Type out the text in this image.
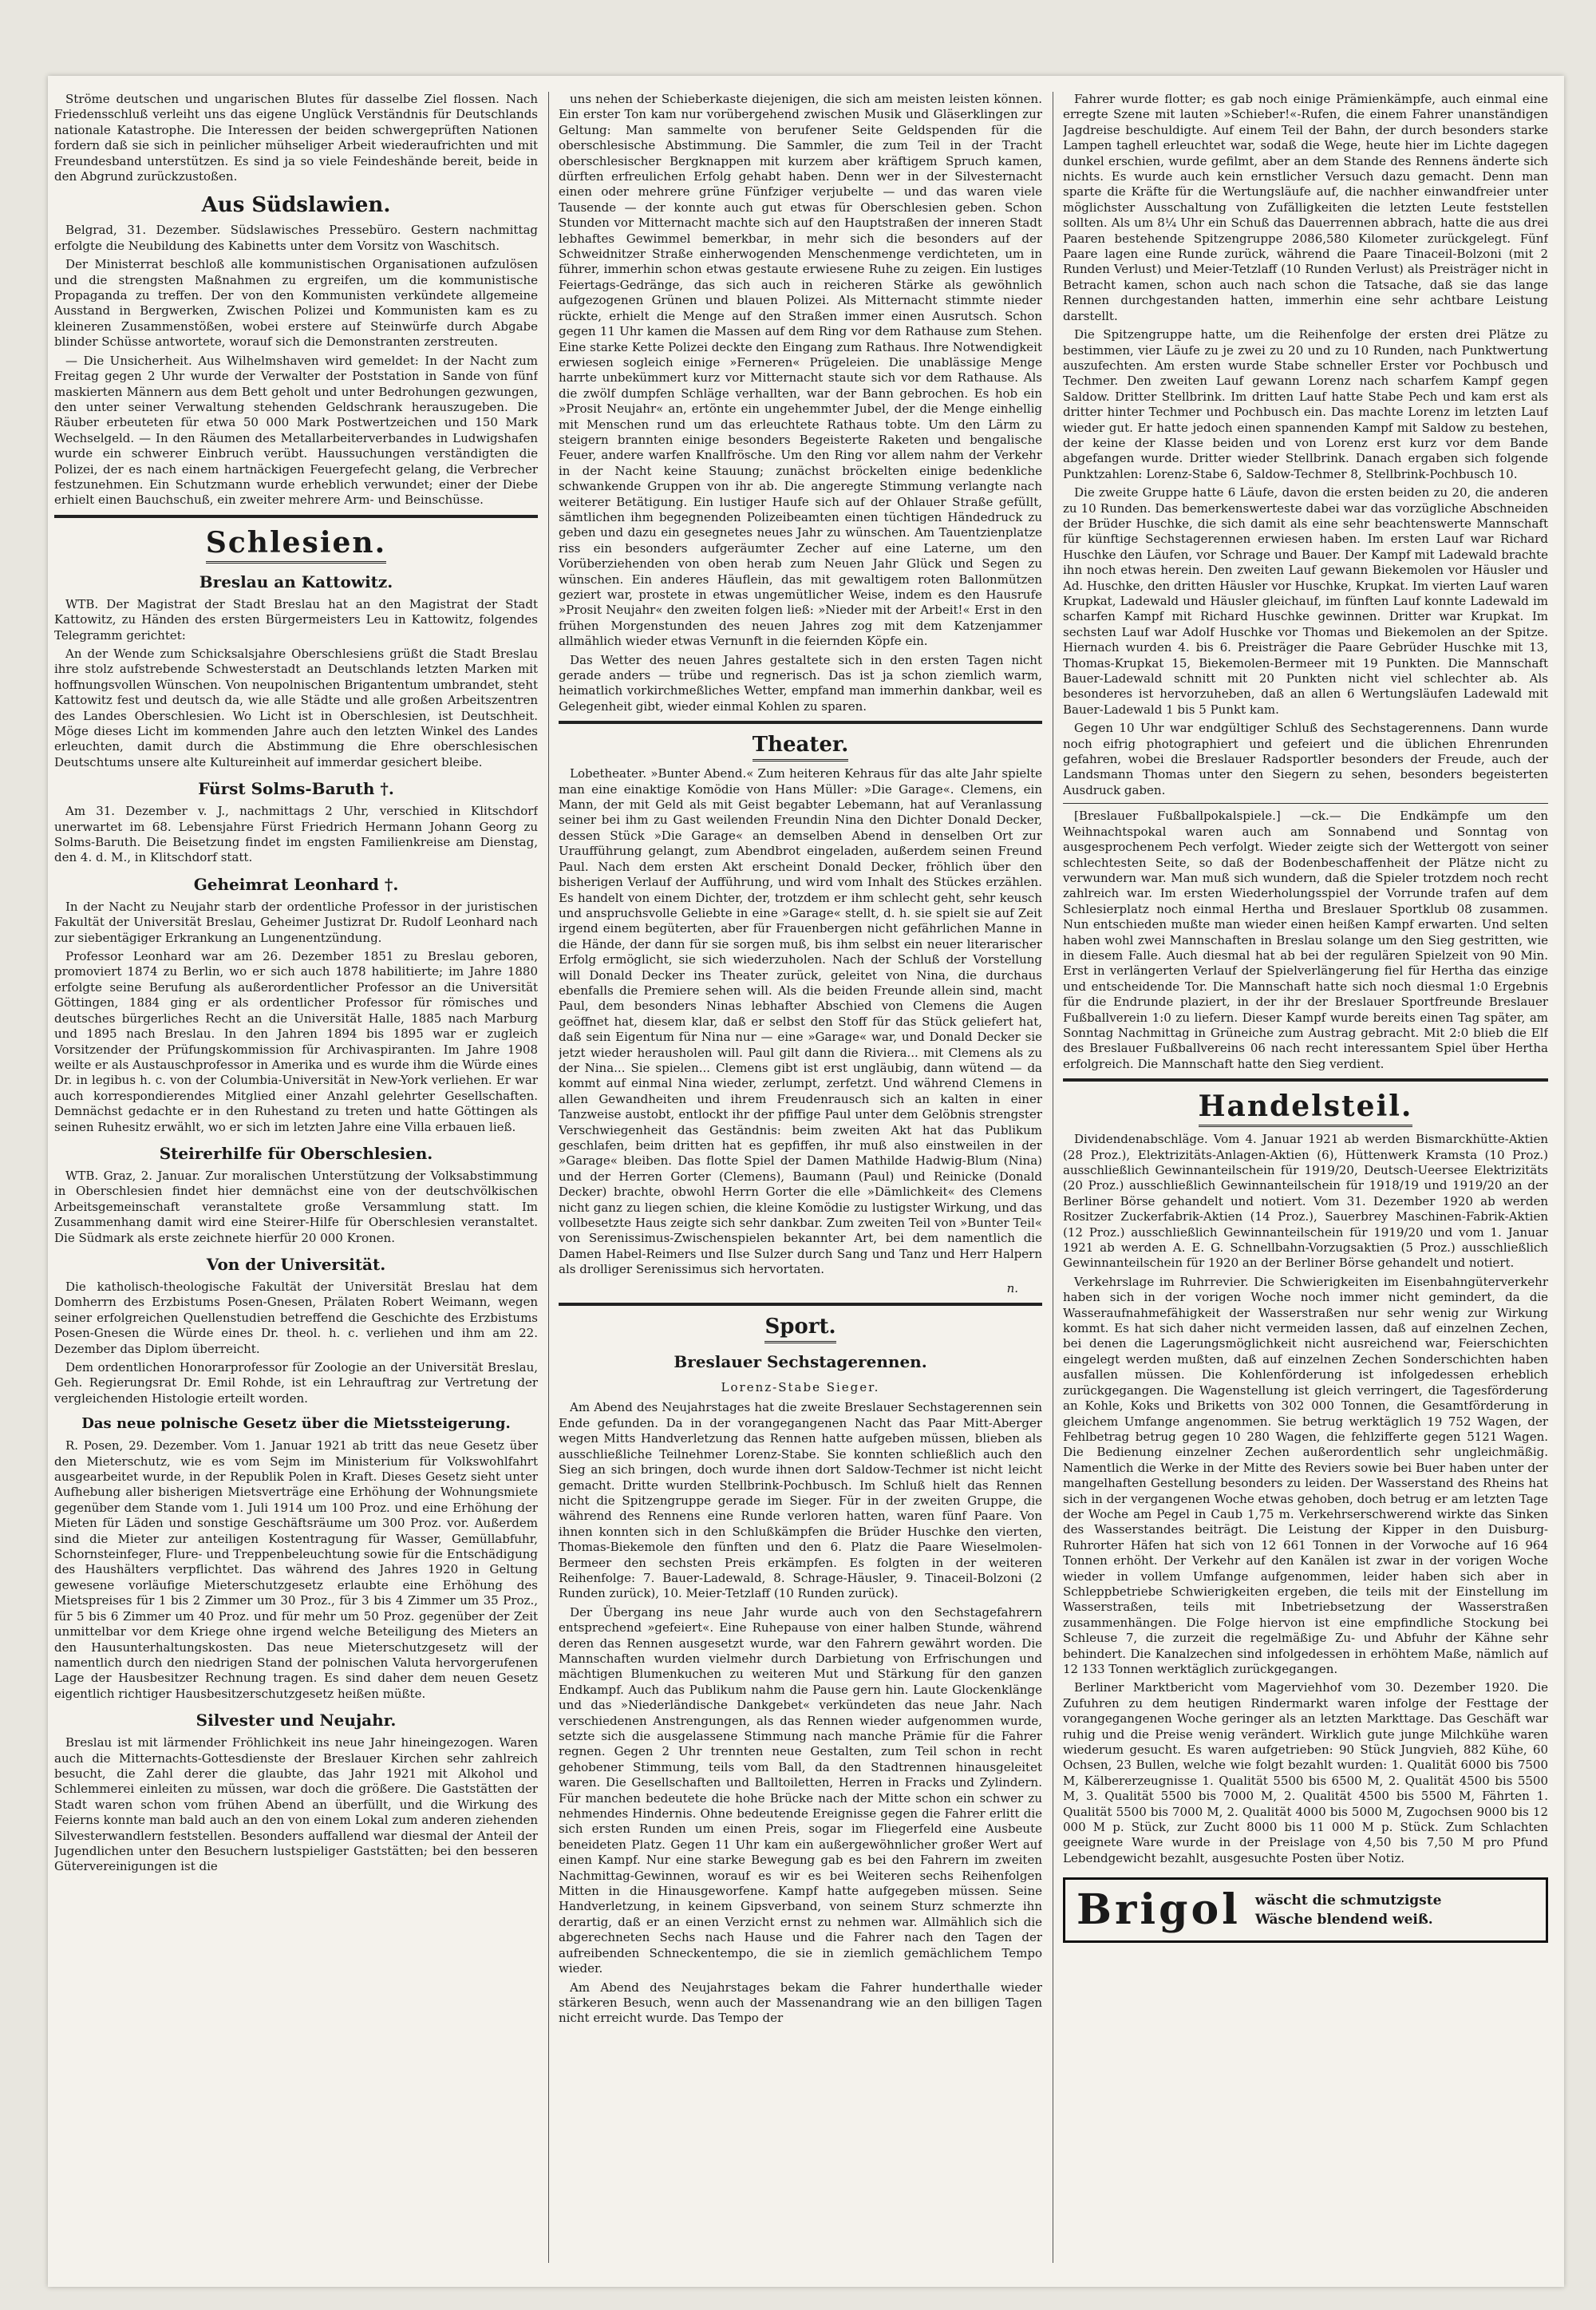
Ströme deutschen und ungarischen Blutes für dasselbe Ziel flossen. Nach Friedensschluß verleiht uns das eigene Unglück Verständnis für Deutschlands nationale Katastrophe. Die Interessen der beiden schwergeprüften Nationen fordern daß sie sich in peinlicher mühseliger Arbeit wiederaufrichten und mit Freundesband unterstützen. Es sind ja so viele Feindeshände bereit, beide in den Abgrund zurückzustoßen.

Aus Südslawien.

Belgrad, 31. Dezember. Südslawisches Pressebüro. Gestern nachmittag erfolgte die Neubildung des Kabinetts unter dem Vorsitz von Waschitsch.

Der Ministerrat beschloß alle kommunistischen Organisationen aufzulösen und die strengsten Maßnahmen zu ergreifen, um die kommunistische Propaganda zu treffen. Der von den Kommunisten verkündete allgemeine Ausstand in Bergwerken, Zwischen Polizei und Kommunisten kam es zu kleineren Zusammenstößen, wobei erstere auf Steinwürfe durch Abgabe blinder Schüsse antwortete, worauf sich die Demonstranten zerstreuten.

— Die Unsicherheit. Aus Wilhelmshaven wird gemeldet: In der Nacht zum Freitag gegen 2 Uhr wurde der Verwalter der Poststation in Sande von fünf maskierten Männern aus dem Bett geholt und unter Bedrohungen gezwungen, den unter seiner Verwaltung stehenden Geldschrank herauszugeben. Die Räuber erbeuteten für etwa 50 000 Mark Postwertzeichen und 150 Mark Wechselgeld. — In den Räumen des Metallarbeiterverbandes in Ludwigshafen wurde ein schwerer Einbruch verübt. Haussuchungen verständigten die Polizei, der es nach einem hartnäckigen Feuergefecht gelang, die Verbrecher festzunehmen. Ein Schutzmann wurde erheblich verwundet; einer der Diebe erhielt einen Bauchschuß, ein zweiter mehrere Arm- und Beinschüsse.

Schlesien.
Breslau an Kattowitz.

WTB. Der Magistrat der Stadt Breslau hat an den Magistrat der Stadt Kattowitz, zu Händen des ersten Bürgermeisters Leu in Kattowitz, folgendes Telegramm gerichtet:

An der Wende zum Schicksalsjahre Oberschlesiens grüßt die Stadt Breslau ihre stolz aufstrebende Schwesterstadt an Deutschlands letzten Marken mit hoffnungsvollen Wünschen. Von neupolnischen Brigantentum umbrandet, steht Kattowitz fest und deutsch da, wie alle Städte und alle großen Arbeitszentren des Landes Oberschlesien. Wo Licht ist in Oberschlesien, ist Deutschheit. Möge dieses Licht im kommenden Jahre auch den letzten Winkel des Landes erleuchten, damit durch die Abstimmung die Ehre oberschlesischen Deutschtums unsere alte Kultureinheit auf immerdar gesichert bleibe.

Fürst Solms-Baruth †.

Am 31. Dezember v. J., nachmittags 2 Uhr, verschied in Klitschdorf unerwartet im 68. Lebensjahre Fürst Friedrich Hermann Johann Georg zu Solms-Baruth. Die Beisetzung findet im engsten Familienkreise am Dienstag, den 4. d. M., in Klitschdorf statt.

Geheimrat Leonhard †.

In der Nacht zu Neujahr starb der ordentliche Professor in der juristischen Fakultät der Universität Breslau, Geheimer Justizrat Dr. Rudolf Leonhard nach zur siebentägiger Erkrankung an Lungenentzündung.

Professor Leonhard war am 26. Dezember 1851 zu Breslau geboren, promoviert 1874 zu Berlin, wo er sich auch 1878 habilitierte; im Jahre 1880 erfolgte seine Berufung als außerordentlicher Professor an die Universität Göttingen, 1884 ging er als ordentlicher Professor für römisches und deutsches bürgerliches Recht an die Universität Halle, 1885 nach Marburg und 1895 nach Breslau. In den Jahren 1894 bis 1895 war er zugleich Vorsitzender der Prüfungskommission für Archivaspiranten. Im Jahre 1908 weilte er als Austauschprofessor in Amerika und es wurde ihm die Würde eines Dr. in legibus h. c. von der Columbia-Universität in New-York verliehen. Er war auch korrespondierendes Mitglied einer Anzahl gelehrter Gesellschaften. Demnächst gedachte er in den Ruhestand zu treten und hatte Göttingen als seinen Ruhesitz erwählt, wo er sich im letzten Jahre eine Villa erbauen ließ.

Steirerhilfe für Oberschlesien.

WTB. Graz, 2. Januar. Zur moralischen Unterstützung der Volksabstimmung in Oberschlesien findet hier demnächst eine von der deutschvölkischen Arbeitsgemeinschaft veranstaltete große Versammlung statt. Im Zusammenhang damit wird eine Steirer-Hilfe für Oberschlesien veranstaltet. Die Südmark als erste zeichnete hierfür 20 000 Kronen.

Von der Universität.

Die katholisch-theologische Fakultät der Universität Breslau hat dem Domherrn des Erzbistums Posen-Gnesen, Prälaten Robert Weimann, wegen seiner erfolgreichen Quellenstudien betreffend die Geschichte des Erzbistums Posen-Gnesen die Würde eines Dr. theol. h. c. verliehen und ihm am 22. Dezember das Diplom überreicht.

Dem ordentlichen Honorarprofessor für Zoologie an der Universität Breslau, Geh. Regierungsrat Dr. Emil Rohde, ist ein Lehrauftrag zur Vertretung der vergleichenden Histologie erteilt worden.

Das neue polnische Gesetz über die Mietssteigerung.

R. Posen, 29. Dezember. Vom 1. Januar 1921 ab tritt das neue Gesetz über den Mieterschutz, wie es vom Sejm im Ministerium für Volkswohlfahrt ausgearbeitet wurde, in der Republik Polen in Kraft. Dieses Gesetz sieht unter Aufhebung aller bisherigen Mietsverträge eine Erhöhung der Wohnungsmiete gegenüber dem Stande vom 1. Juli 1914 um 100 Proz. und eine Erhöhung der Mieten für Läden und sonstige Geschäftsräume um 300 Proz. vor. Außerdem sind die Mieter zur anteiligen Kostentragung für Wasser, Gemüllabfuhr, Schornsteinfeger, Flure- und Treppenbeleuchtung sowie für die Entschädigung des Haushälters verpflichtet. Das während des Jahres 1920 in Geltung gewesene vorläufige Mieterschutzgesetz erlaubte eine Erhöhung des Mietspreises für 1 bis 2 Zimmer um 30 Proz., für 3 bis 4 Zimmer um 35 Proz., für 5 bis 6 Zimmer um 40 Proz. und für mehr um 50 Proz. gegenüber der Zeit unmittelbar vor dem Kriege ohne irgend welche Beteiligung des Mieters an den Hausunterhaltungskosten. Das neue Mieterschutzgesetz will der namentlich durch den niedrigen Stand der polnischen Valuta hervorgerufenen Lage der Hausbesitzer Rechnung tragen. Es sind daher dem neuen Gesetz eigentlich richtiger Hausbesitzerschutzgesetz heißen müßte.

Silvester und Neujahr.

Breslau ist mit lärmender Fröhlichkeit ins neue Jahr hineingezogen. Waren auch die Mitternachts-Gottesdienste der Breslauer Kirchen sehr zahlreich besucht, die Zahl derer die glaubte, das Jahr 1921 mit Alkohol und Schlemmerei einleiten zu müssen, war doch die größere. Die Gaststätten der Stadt waren schon vom frühen Abend an überfüllt, und die Wirkung des Feierns konnte man bald auch an den von einem Lokal zum anderen ziehenden Silvesterwandlern feststellen. Besonders auffallend war diesmal der Anteil der Jugendlichen unter den Besuchern lustspieliger Gaststätten; bei den besseren Gütervereinigungen ist die

uns nehen der Schieberkaste diejenigen, die sich am meisten leisten können. Ein erster Ton kam nur vorübergehend zwischen Musik und Gläserklingen zur Geltung: Man sammelte von berufener Seite Geldspenden für die oberschlesische Abstimmung. Die Sammler, die zum Teil in der Tracht oberschlesischer Bergknappen mit kurzem aber kräftigem Spruch kamen, dürften erfreulichen Erfolg gehabt haben. Denn wer in der Silvesternacht einen oder mehrere grüne Fünfziger verjubelte — und das waren viele Tausende — der konnte auch gut etwas für Oberschlesien geben. Schon Stunden vor Mitternacht machte sich auf den Hauptstraßen der inneren Stadt lebhaftes Gewimmel bemerkbar, in mehr sich die besonders auf der Schweidnitzer Straße einherwogenden Menschenmenge verdichteten, um in führer, immerhin schon etwas gestaute erwiesene Ruhe zu zeigen. Ein lustiges Feiertags-Gedränge, das sich auch in reicheren Stärke als gewöhnlich aufgezogenen Grünen und blauen Polizei. Als Mitternacht stimmte nieder rückte, erhielt die Menge auf den Straßen immer einen Ausrutsch. Schon gegen 11 Uhr kamen die Massen auf dem Ring vor dem Rathause zum Stehen. Eine starke Kette Polizei deckte den Eingang zum Rathaus. Ihre Notwendigkeit erwiesen sogleich einige »Ferneren« Prügeleien. Die unablässige Menge harrte unbekümmert kurz vor Mitternacht staute sich vor dem Rathause. Als die zwölf dumpfen Schläge verhallten, war der Bann gebrochen. Es hob ein »Prosit Neujahr« an, ertönte ein ungehemmter Jubel, der die Menge einhellig mit Menschen rund um das erleuchtete Rathaus tobte. Um den Lärm zu steigern brannten einige besonders Begeisterte Raketen und bengalische Feuer, andere warfen Knallfrösche. Um den Ring vor allem nahm der Verkehr in der Nacht keine Stauung; zunächst bröckelten einige bedenkliche schwankende Gruppen von ihr ab. Die angeregte Stimmung verlangte nach weiterer Betätigung. Ein lustiger Haufe sich auf der Ohlauer Straße gefüllt, sämtlichen ihm begegnenden Polizeibeamten einen tüchtigen Händedruck zu geben und dazu ein gesegnetes neues Jahr zu wünschen. Am Tauentzienplatze riss ein besonders aufgeräumter Zecher auf eine Laterne, um den Vorüberziehenden von oben herab zum Neuen Jahr Glück und Segen zu wünschen. Ein anderes Häuflein, das mit gewaltigem roten Ballonmützen geziert war, prostete in etwas ungemütlicher Weise, indem es den Hausrufe »Prosit Neujahr« den zweiten folgen ließ: »Nieder mit der Arbeit!« Erst in den frühen Morgenstunden des neuen Jahres zog mit dem Katzenjammer allmählich wieder etwas Vernunft in die feiernden Köpfe ein.

Das Wetter des neuen Jahres gestaltete sich in den ersten Tagen nicht gerade anders — trübe und regnerisch. Das ist ja schon ziemlich warm, heimatlich vorkirchmeßliches Wetter, empfand man immerhin dankbar, weil es Gelegenheit gibt, wieder einmal Kohlen zu sparen.

Theater.

Lobetheater. »Bunter Abend.« Zum heiteren Kehraus für das alte Jahr spielte man eine einaktige Komödie von Hans Müller: »Die Garage«. Clemens, ein Mann, der mit Geld als mit Geist begabter Lebemann, hat auf Veranlassung seiner bei ihm zu Gast weilenden Freundin Nina den Dichter Donald Decker, dessen Stück »Die Garage« an demselben Abend in denselben Ort zur Uraufführung gelangt, zum Abendbrot eingeladen, außerdem seinen Freund Paul. Nach dem ersten Akt erscheint Donald Decker, fröhlich über den bisherigen Verlauf der Aufführung, und wird vom Inhalt des Stückes erzählen. Es handelt von einem Dichter, der, trotzdem er ihm schlecht geht, sehr keusch und anspruchsvolle Geliebte in eine »Garage« stellt, d. h. sie spielt sie auf Zeit irgend einem begüterten, aber für Frauenbergen nicht gefährlichen Manne in die Hände, der dann für sie sorgen muß, bis ihm selbst ein neuer literarischer Erfolg ermöglicht, sie sich wiederzuholen. Nach der Schluß der Vorstellung will Donald Decker ins Theater zurück, geleitet von Nina, die durchaus ebenfalls die Premiere sehen will. Als die beiden Freunde allein sind, macht Paul, dem besonders Ninas lebhafter Abschied von Clemens die Augen geöffnet hat, diesem klar, daß er selbst den Stoff für das Stück geliefert hat, daß sein Eigentum für Nina nur — eine »Garage« war, und Donald Decker sie jetzt wieder herausholen will. Paul gilt dann die Riviera... mit Clemens als zu der Nina... Sie spielen... Clemens gibt ist erst ungläubig, dann wütend — da kommt auf einmal Nina wieder, zerlumpt, zerfetzt. Und während Clemens in allen Gewandheiten und ihrem Freudenrausch sich an kalten in einer Tanzweise austobt, entlockt ihr der pfiffige Paul unter dem Gelöbnis strengster Verschwiegenheit das Geständnis: beim zweiten Akt hat das Publikum geschlafen, beim dritten hat es gepfiffen, ihr muß also einstweilen in der »Garage« bleiben. Das flotte Spiel der Damen Mathilde Hadwig-Blum (Nina) und der Herren Gorter (Clemens), Baumann (Paul) und Reinicke (Donald Decker) brachte, obwohl Herrn Gorter die elle »Dämlichkeit« des Clemens nicht ganz zu liegen schien, die kleine Komödie zu lustigster Wirkung, und das vollbesetzte Haus zeigte sich sehr dankbar. Zum zweiten Teil von »Bunter Teil« von Serenissimus-Zwischenspielen bekannter Art, bei dem namentlich die Damen Habel-Reimers und Ilse Sulzer durch Sang und Tanz und Herr Halpern als drolliger Serenissimus sich hervortaten.

n.
Sport.
Breslauer Sechstagerennen.
Lorenz-Stabe Sieger.

Am Abend des Neujahrstages hat die zweite Breslauer Sechstagerennen sein Ende gefunden. Da in der vorangegangenen Nacht das Paar Mitt-Aberger wegen Mitts Handverletzung das Rennen hatte aufgeben müssen, blieben als ausschließliche Teilnehmer Lorenz-Stabe. Sie konnten schließlich auch den Sieg an sich bringen, doch wurde ihnen dort Saldow-Techmer ist nicht leicht gemacht. Dritte wurden Stellbrink-Pochbusch. Im Schluß hielt das Rennen nicht die Spitzengruppe gerade im Sieger. Für in der zweiten Gruppe, die während des Rennens eine Runde verloren hatten, waren fünf Paare. Von ihnen konnten sich in den Schlußkämpfen die Brüder Huschke den vierten, Thomas-Biekemole den fünften und den 6. Platz die Paare Wieselmolen-Bermeer den sechsten Preis erkämpfen. Es folgten in der weiteren Reihenfolge: 7. Bauer-Ladewald, 8. Schrage-Häusler, 9. Tinaceil-Bolzoni (2 Runden zurück), 10. Meier-Tetzlaff (10 Runden zurück).

Der Übergang ins neue Jahr wurde auch von den Sechstagefahrern entsprechend »gefeiert«. Eine Ruhepause von einer halben Stunde, während deren das Rennen ausgesetzt wurde, war den Fahrern gewährt worden. Die Mannschaften wurden vielmehr durch Darbietung von Erfrischungen und mächtigen Blumenkuchen zu weiteren Mut und Stärkung für den ganzen Endkampf. Auch das Publikum nahm die Pause gern hin. Laute Glockenklänge und das »Niederländische Dankgebet« verkündeten das neue Jahr. Nach verschiedenen Anstrengungen, als das Rennen wieder aufgenommen wurde, setzte sich die ausgelassene Stimmung nach manche Prämie für die Fahrer regnen. Gegen 2 Uhr trennten neue Gestalten, zum Teil schon in recht gehobener Stimmung, teils vom Ball, da den Stadtrennen hinausgeleitet waren. Die Gesellschaften und Balltoiletten, Herren in Fracks und Zylindern. Für manchen bedeutete die hohe Brücke nach der Mitte schon ein schwer zu nehmendes Hindernis. Ohne bedeutende Ereignisse gegen die Fahrer erlitt die sich ersten Runden um einen Preis, sogar im Fliegerfeld eine Ausbeute beneideten Platz. Gegen 11 Uhr kam ein außergewöhnlicher großer Wert auf einen Kampf. Nur eine starke Bewegung gab es bei den Fahrern im zweiten Nachmittag-Gewinnen, worauf es wir es bei Weiteren sechs Reihenfolgen Mitten in die Hinausgeworfene. Kampf hatte aufgegeben müssen. Seine Handverletzung, in keinem Gipsverband, von seinem Sturz schmerzte ihn derartig, daß er an einen Verzicht ernst zu nehmen war. Allmählich sich die abgerechneten Sechs nach Hause und die Fahrer nach den Tagen der aufreibenden Schneckentempo, die sie in ziemlich gemächlichem Tempo wieder.

Am Abend des Neujahrstages bekam die Fahrer hunderthalle wieder stärkeren Besuch, wenn auch der Massenandrang wie an den billigen Tagen nicht erreicht wurde. Das Tempo der

Fahrer wurde flotter; es gab noch einige Prämienkämpfe, auch einmal eine erregte Szene mit lauten »Schieber!«-Rufen, die einem Fahrer unanständigen Jagdreise beschuldigte. Auf einem Teil der Bahn, der durch besonders starke Lampen taghell erleuchtet war, sodaß die Wege, heute hier im Lichte dagegen dunkel erschien, wurde gefilmt, aber an dem Stande des Rennens änderte sich nichts. Es wurde auch kein ernstlicher Versuch dazu gemacht. Denn man sparte die Kräfte für die Wertungsläufe auf, die nachher einwandfreier unter möglichster Ausschaltung von Zufälligkeiten die letzten Leute feststellen sollten. Als um 8¼ Uhr ein Schuß das Dauerrennen abbrach, hatte die aus drei Paaren bestehende Spitzengruppe 2086,580 Kilometer zurückgelegt. Fünf Paare lagen eine Runde zurück, während die Paare Tinaceil-Bolzoni (mit 2 Runden Verlust) und Meier-Tetzlaff (10 Runden Verlust) als Preisträger nicht in Betracht kamen, schon auch nach schon die Tatsache, daß sie das lange Rennen durchgestanden hatten, immerhin eine sehr achtbare Leistung darstellt.

Die Spitzengruppe hatte, um die Reihenfolge der ersten drei Plätze zu bestimmen, vier Läufe zu je zwei zu 20 und zu 10 Runden, nach Punktwertung auszufechten. Am ersten wurde Stabe schneller Erster vor Pochbusch und Techmer. Den zweiten Lauf gewann Lorenz nach scharfem Kampf gegen Saldow. Dritter Stellbrink. Im dritten Lauf hatte Stabe Pech und kam erst als dritter hinter Techmer und Pochbusch ein. Das machte Lorenz im letzten Lauf wieder gut. Er hatte jedoch einen spannenden Kampf mit Saldow zu bestehen, der keine der Klasse beiden und von Lorenz erst kurz vor dem Bande abgefangen wurde. Dritter wieder Stellbrink. Danach ergaben sich folgende Punktzahlen: Lorenz-Stabe 6, Saldow-Techmer 8, Stellbrink-Pochbusch 10.

Die zweite Gruppe hatte 6 Läufe, davon die ersten beiden zu 20, die anderen zu 10 Runden. Das bemerkenswerteste dabei war das vorzügliche Abschneiden der Brüder Huschke, die sich damit als eine sehr beachtenswerte Mannschaft für künftige Sechstagerennen erwiesen haben. Im ersten Lauf war Richard Huschke den Läufen, vor Schrage und Bauer. Der Kampf mit Ladewald brachte ihn noch etwas herein. Den zweiten Lauf gewann Biekemolen vor Häusler und Ad. Huschke, den dritten Häusler vor Huschke, Krupkat. Im vierten Lauf waren Krupkat, Ladewald und Häusler gleichauf, im fünften Lauf konnte Ladewald im scharfen Kampf mit Richard Huschke gewinnen. Dritter war Krupkat. Im sechsten Lauf war Adolf Huschke vor Thomas und Biekemolen an der Spitze. Hiernach wurden 4. bis 6. Preisträger die Paare Gebrüder Huschke mit 13, Thomas-Krupkat 15, Biekemolen-Bermeer mit 19 Punkten. Die Mannschaft Bauer-Ladewald schnitt mit 20 Punkten nicht viel schlechter ab. Als besonderes ist hervorzuheben, daß an allen 6 Wertungsläufen Ladewald mit Bauer-Ladewald 1 bis 5 Punkt kam.

Gegen 10 Uhr war endgültiger Schluß des Sechstagerennens. Dann wurde noch eifrig photographiert und gefeiert und die üblichen Ehrenrunden gefahren, wobei die Breslauer Radsportler besonders der Freude, auch der Landsmann Thomas unter den Siegern zu sehen, besonders begeisterten Ausdruck gaben.

[Breslauer Fußballpokalspiele.] —ck.— Die Endkämpfe um den Weihnachtspokal waren auch am Sonnabend und Sonntag von ausgesprochenem Pech verfolgt. Wieder zeigte sich der Wettergott von seiner schlechtesten Seite, so daß der Bodenbeschaffenheit der Plätze nicht zu verwundern war. Man muß sich wundern, daß die Spieler trotzdem noch recht zahlreich war. Im ersten Wiederholungsspiel der Vorrunde trafen auf dem Schlesierplatz noch einmal Hertha und Breslauer Sportklub 08 zusammen. Nun entschieden mußte man wieder einen heißen Kampf erwarten. Und selten haben wohl zwei Mannschaften in Breslau solange um den Sieg gestritten, wie in diesem Falle. Auch diesmal hat ab bei der regulären Spielzeit von 90 Min. Erst in verlängerten Verlauf der Spielverlängerung fiel für Hertha das einzige und entscheidende Tor. Die Mannschaft hatte sich noch diesmal 1:0 Ergebnis für die Endrunde plaziert, in der ihr der Breslauer Sportfreunde Breslauer Fußballverein 1:0 zu liefern. Dieser Kampf wurde bereits einen Tag später, am Sonntag Nachmittag in Grüneiche zum Austrag gebracht. Mit 2:0 blieb die Elf des Breslauer Fußballvereins 06 nach recht interessantem Spiel über Hertha erfolgreich. Die Mannschaft hatte den Sieg verdient.

Handelsteil.

Dividendenabschläge. Vom 4. Januar 1921 ab werden Bismarckhütte-Aktien (28 Proz.), Elektrizitäts-Anlagen-Aktien (6), Hüttenwerk Kramsta (10 Proz.) ausschließlich Gewinnanteilschein für 1919/20, Deutsch-Ueersee Elektrizitäts (20 Proz.) ausschließlich Gewinnanteilschein für 1918/19 und 1919/20 an der Berliner Börse gehandelt und notiert. Vom 31. Dezember 1920 ab werden Rositzer Zuckerfabrik-Aktien (14 Proz.), Sauerbrey Maschinen-Fabrik-Aktien (12 Proz.) ausschließlich Gewinnanteilschein für 1919/20 und vom 1. Januar 1921 ab werden A. E. G. Schnellbahn-Vorzugsaktien (5 Proz.) ausschließlich Gewinnanteilschein für 1920 an der Berliner Börse gehandelt und notiert.

Verkehrslage im Ruhrrevier. Die Schwierigkeiten im Eisenbahngüterverkehr haben sich in der vorigen Woche noch immer nicht gemindert, da die Wasseraufnahmefähigkeit der Wasserstraßen nur sehr wenig zur Wirkung kommt. Es hat sich daher nicht vermeiden lassen, daß auf einzelnen Zechen, bei denen die Lagerungsmöglichkeit nicht ausreichend war, Feierschichten eingelegt werden mußten, daß auf einzelnen Zechen Sonderschichten haben ausfallen müssen. Die Kohlenförderung ist infolgedessen erheblich zurückgegangen. Die Wagenstellung ist gleich verringert, die Tagesförderung an Kohle, Koks und Briketts von 302 000 Tonnen, die Gesamtförderung in gleichem Umfange angenommen. Sie betrug werktäglich 19 752 Wagen, der Fehlbetrag betrug gegen 10 280 Wagen, die fehlzifferte gegen 5121 Wagen. Die Bedienung einzelner Zechen außerordentlich sehr ungleichmäßig. Namentlich die Werke in der Mitte des Reviers sowie bei Buer haben unter der mangelhaften Gestellung besonders zu leiden. Der Wasserstand des Rheins hat sich in der vergangenen Woche etwas gehoben, doch betrug er am letzten Tage der Woche am Pegel in Caub 1,75 m. Verkehrserschwerend wirkte das Sinken des Wasserstandes beiträgt. Die Leistung der Kipper in den Duisburg-Ruhrorter Häfen hat sich von 12 661 Tonnen in der Vorwoche auf 16 964 Tonnen erhöht. Der Verkehr auf den Kanälen ist zwar in der vorigen Woche wieder in vollem Umfange aufgenommen, leider haben sich aber in Schleppbetriebe Schwierigkeiten ergeben, die teils mit der Einstellung im Wasserstraßen, teils mit Inbetriebsetzung der Wasserstraßen zusammenhängen. Die Folge hiervon ist eine empfindliche Stockung bei Schleuse 7, die zurzeit die regelmäßige Zu- und Abfuhr der Kähne sehr behindert. Die Kanalzechen sind infolgedessen in erhöhtem Maße, nämlich auf 12 133 Tonnen werktäglich zurückgegangen.

Berliner Marktbericht vom Magerviehhof vom 30. Dezember 1920. Die Zufuhren zu dem heutigen Rindermarkt waren infolge der Festtage der vorangegangenen Woche geringer als an letzten Markttage. Das Geschäft war ruhig und die Preise wenig verändert. Wirklich gute junge Milchkühe waren wiederum gesucht. Es waren aufgetrieben: 90 Stück Jungvieh, 882 Kühe, 60 Ochsen, 23 Bullen, welche wie folgt bezahlt wurden: 1. Qualität 6000 bis 7500 M, Kälbererzeugnisse 1. Qualität 5500 bis 6500 M, 2. Qualität 4500 bis 5500 M, 3. Qualität 5500 bis 7000 M, 2. Qualität 4500 bis 5500 M, Fährten 1. Qualität 5500 bis 7000 M, 2. Qualität 4000 bis 5000 M, Zugochsen 9000 bis 12 000 M p. Stück, zur Zucht 8000 bis 11 000 M p. Stück. Zum Schlachten geeignete Ware wurde in der Preislage von 4,50 bis 7,50 M pro Pfund Lebendgewicht bezahlt, ausgesuchte Posten über Notiz.

Brigol wäscht die schmutzigste
Wäsche blendend weiß.
